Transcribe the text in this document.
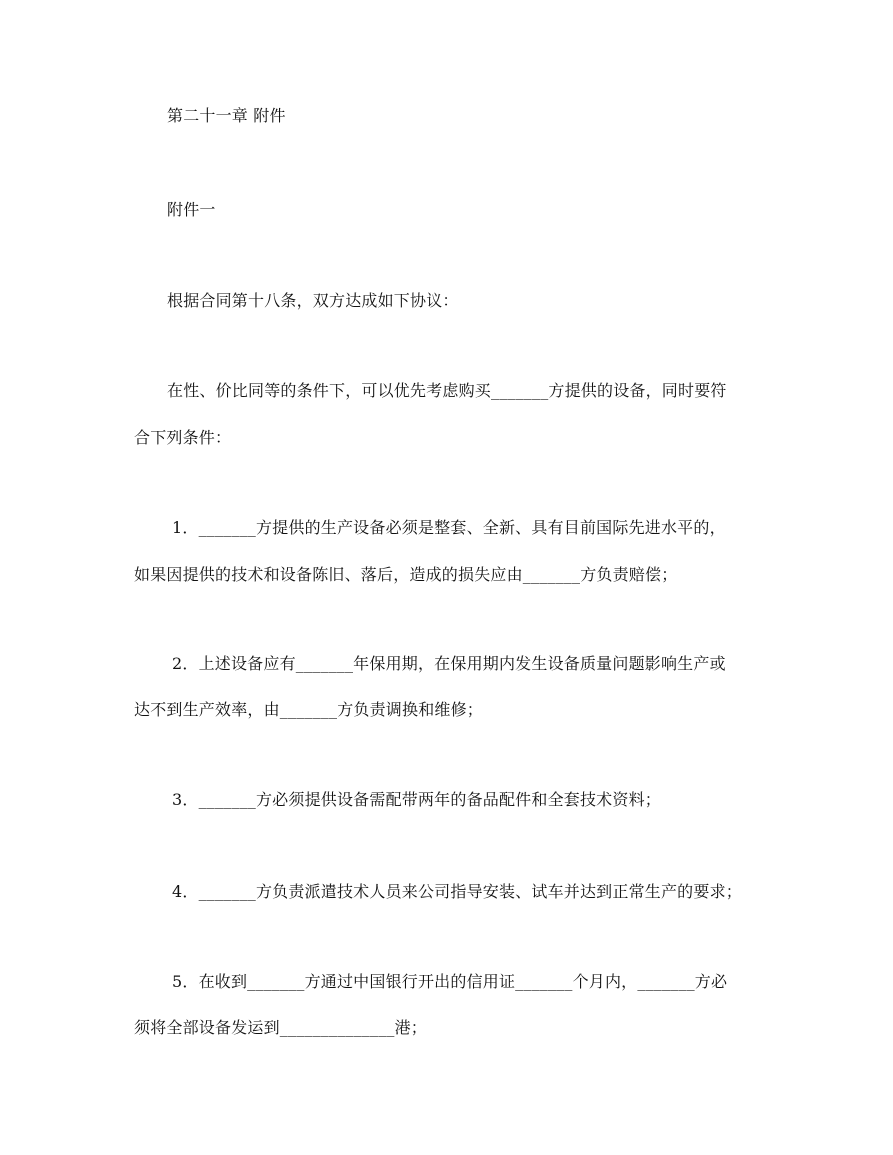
第二十一章 附件
附件一
根据合同第十八条，双方达成如下协议：
在性、价比同等的条件下，可以优先考虑购买_______方提供的设备，同时要符
合下列条件：
1．_______方提供的生产设备必须是整套、全新、具有目前国际先进水平的，
如果因提供的技术和设备陈旧、落后，造成的损失应由_______方负责赔偿；
2．上述设备应有_______年保用期，在保用期内发生设备质量问题影响生产或
达不到生产效率，由_______方负责调换和维修；
3．_______方必须提供设备需配带两年的备品配件和全套技术资料；
4．_______方负责派遣技术人员来公司指导安装、试车并达到正常生产的要求；
5．在收到_______方通过中国银行开出的信用证_______个月内，_______方必
须将全部设备发运到______________港；
